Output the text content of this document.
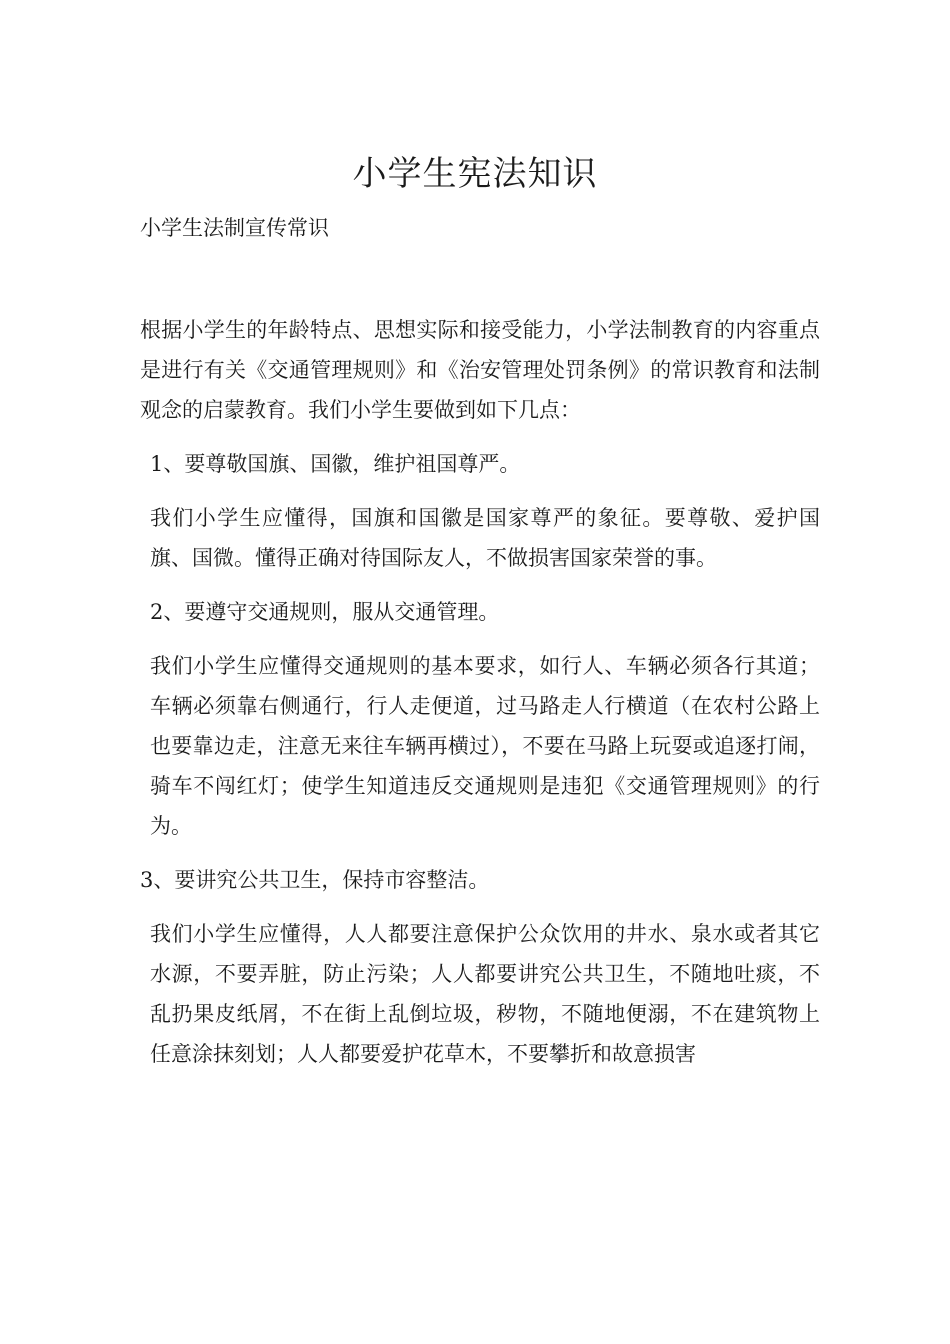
小学生宪法知识
小学生法制宣传常识

根据小学生的年龄特点、思想实际和接受能力，小学法制教育的内容重点是进行有关《交通管理规则》和《治安管理处罚条例》的常识教育和法制观念的启蒙教育。我们小学生要做到如下几点：

1、要尊敬国旗、国徽，维护祖国尊严。

我们小学生应懂得，国旗和国徽是国家尊严的象征。要尊敬、爱护国旗、国微。懂得正确对待国际友人，不做损害国家荣誉的事。

2、要遵守交通规则，服从交通管理。

我们小学生应懂得交通规则的基本要求，如行人、车辆必须各行其道；车辆必须靠右侧通行，行人走便道，过马路走人行横道（在农村公路上也要靠边走，注意无来往车辆再横过），不要在马路上玩耍或追逐打闹，骑车不闯红灯；使学生知道违反交通规则是违犯《交通管理规则》的行为。

3、要讲究公共卫生，保持市容整洁。

我们小学生应懂得，人人都要注意保护公众饮用的井水、泉水或者其它水源，不要弄脏，防止污染；人人都要讲究公共卫生，不随地吐痰，不乱扔果皮纸屑，不在街上乱倒垃圾，秽物，不随地便溺，不在建筑物上任意涂抹刻划；人人都要爱护花草木，不要攀折和故意损害
